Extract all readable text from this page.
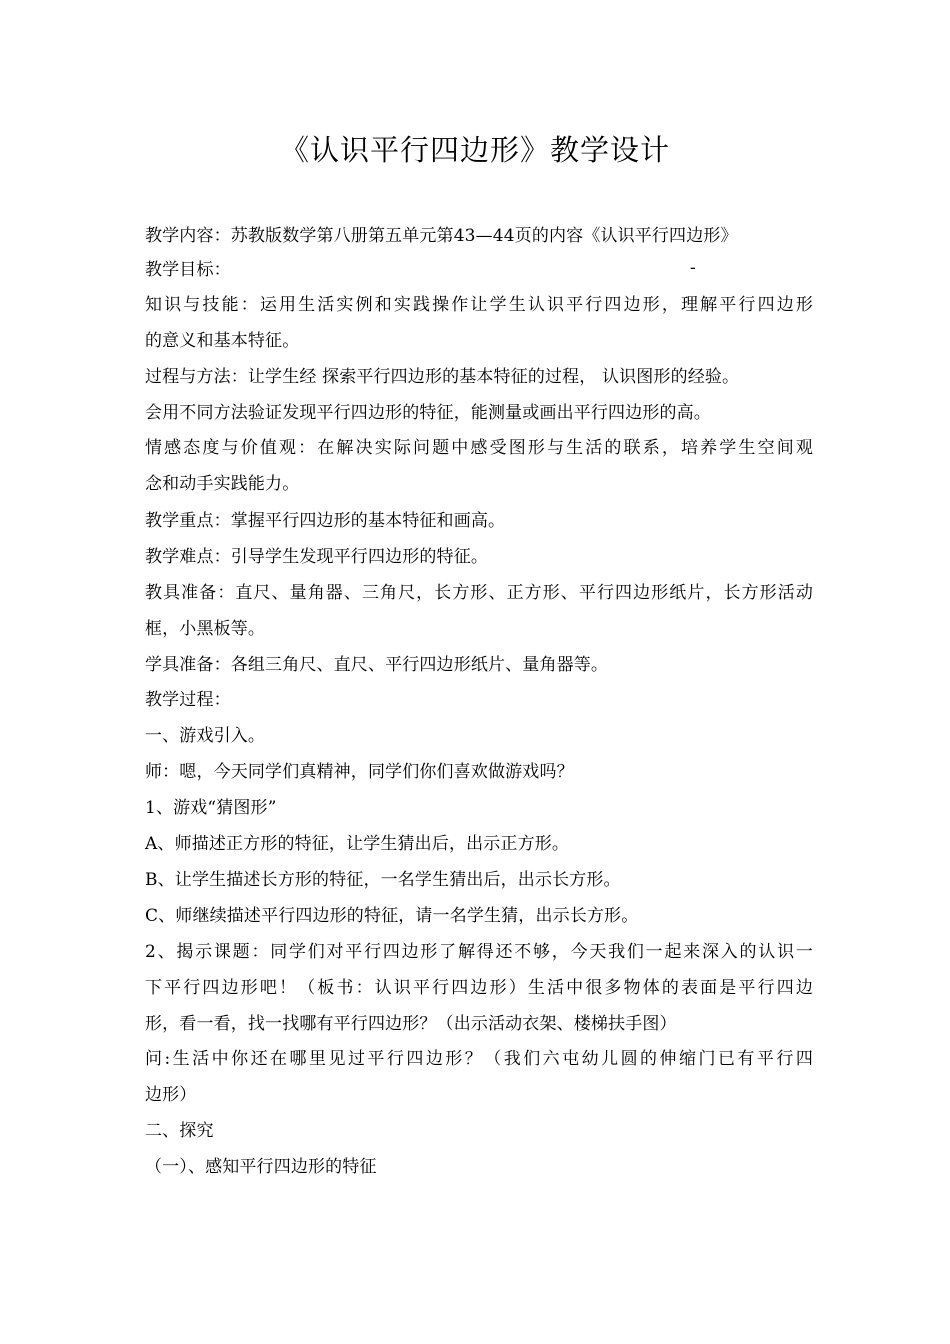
《认识平行四边形》教学设计
-
教学内容：苏教版数学第八册第五单元第43—44页的内容《认识平行四边形》
教学目标：
知识与技能：运用生活实例和实践操作让学生认识平行四边形，理解平行四边形
的意义和基本特征。
过程与方法：让学生经 探索平行四边形的基本特征的过程， 认识图形的经验。
会用不同方法验证发现平行四边形的特征，能测量或画出平行四边形的高。
情感态度与价值观：在解决实际问题中感受图形与生活的联系，培养学生空间观
念和动手实践能力。
教学重点：掌握平行四边形的基本特征和画高。
教学难点：引导学生发现平行四边形的特征。
教具准备：直尺、量角器、三角尺，长方形、正方形、平行四边形纸片，长方形活动
框，小黑板等。
学具准备：各组三角尺、直尺、平行四边形纸片、量角器等。
教学过程：
一、游戏引入。
师：嗯，今天同学们真精神，同学们你们喜欢做游戏吗？
1、游戏“猜图形”
A、师描述正方形的特征，让学生猜出后，出示正方形。
B、让学生描述长方形的特征，一名学生猜出后，出示长方形。
C、师继续描述平行四边形的特征，请一名学生猜，出示长方形。
2、揭示课题：同学们对平行四边形了解得还不够，今天我们一起来深入的认识一
下平行四边形吧！（板书：认识平行四边形）生活中很多物体的表面是平行四边
形，看一看，找一找哪有平行四边形？（出示活动衣架、楼梯扶手图）
问:生活中你还在哪里见过平行四边形？（我们六屯幼儿圆的伸缩门已有平行四
边形）
二、探究
（一）、感知平行四边形的特征
